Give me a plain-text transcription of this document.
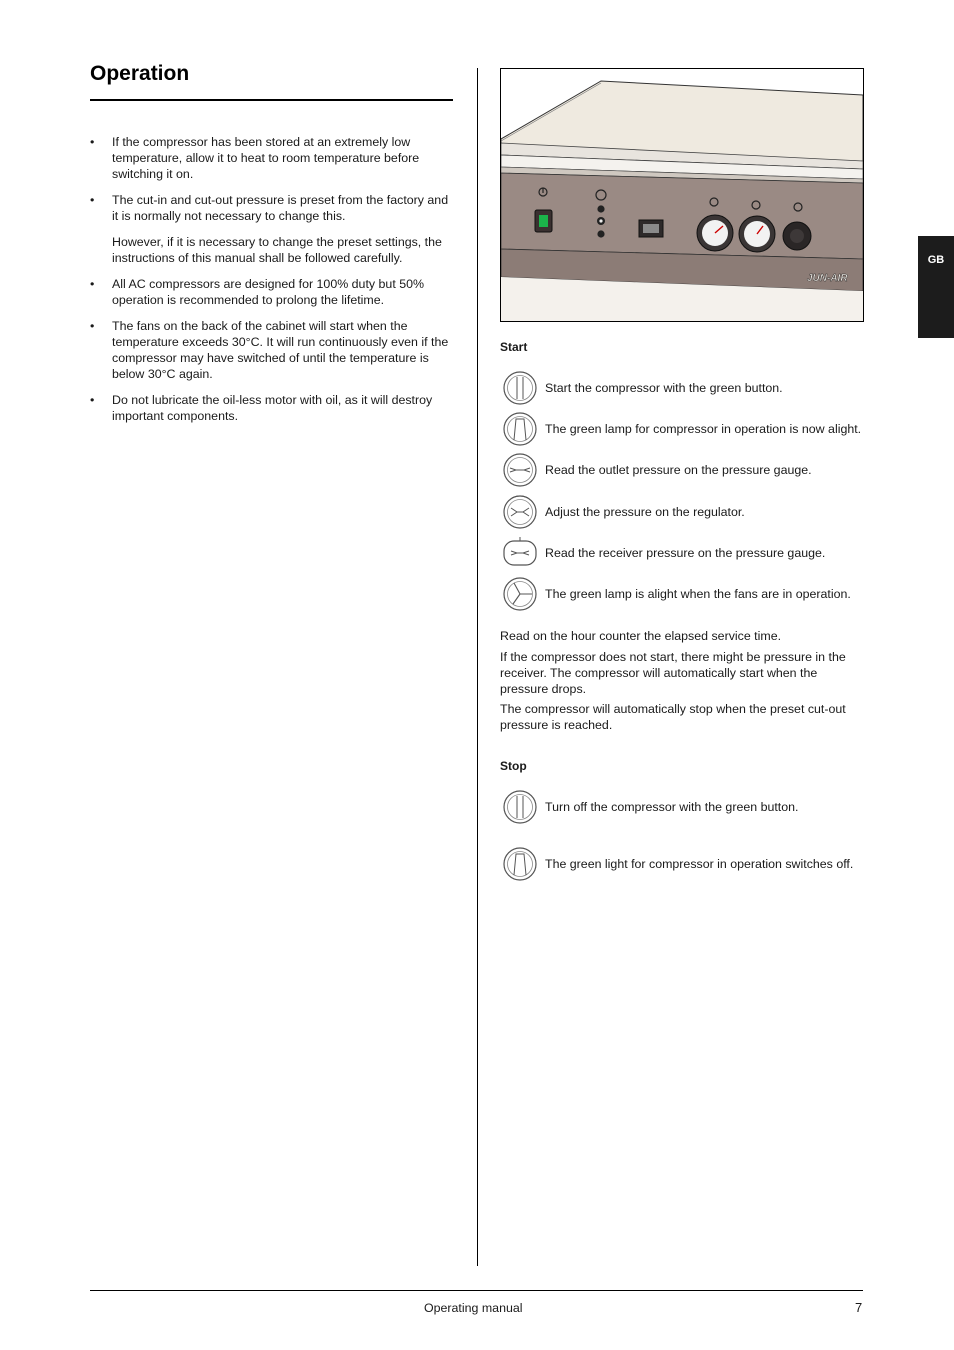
Operation
• If the compressor has been stored at an extremely low temperature, allow it to heat to room temperature before switching it on.

• The cut-in and cut-out pressure is preset from the factory and it is normally not necessary to change this.

However, if it is necessary to change the preset settings, the instructions of this manual shall be followed carefully.

• All AC compressors are designed for 100% duty but 50% operation is recommended to prolong the lifetime.

• The fans on the back of the cabinet will start when the temperature exceeds 30°C. It will run continuously even if the compressor may have switched of until the temperature is below 30°C again.

• Do not lubricate the oil-less motor with oil, as it will destroy important components.

JUN-AIR
GB
Start
Start the compressor with the green button.
The green lamp for compressor in operation is now alight.
Read the outlet pressure on the pressure gauge.
Adjust the pressure on the regulator.
Read the receiver pressure on the pressure gauge.
The green lamp is alight when the fans are in operation.

Read on the hour counter the elapsed service time.

If the compressor does not start, there might be pressure in the receiver. The compressor will automatically start when the pressure drops.

The compressor will automatically stop when the preset cut-out pressure is reached.

Stop
Turn off the compressor with the green button.
The green light for compressor in operation switches off.
Operating manual	7
